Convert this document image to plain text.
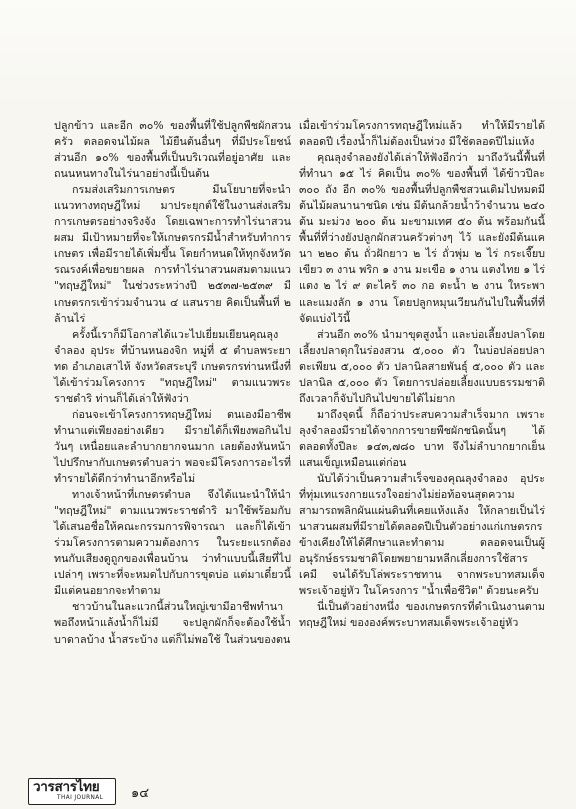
ปลูกข้าว และอีก ๓๐% ของพื้นที่ใช้ปลูกพืชผักสวนครัว ตลอดจนไม้ผล ไม้ยืนต้นอื่นๆ ที่มีประโยชน์ ส่วนอีก ๑๐% ของพื้นที่เป็นบริเวณที่อยู่อาศัย และถนนหนทางในไร่นาอย่างนี้เป็นต้น

กรมส่งเสริมการเกษตร มีนโยบายที่จะนำแนวทางทฤษฎีใหม่ มาประยุกต์ใช้ในงานส่งเสริมการเกษตรอย่างจริงจัง โดยเฉพาะการทำไร่นาสวนผสม มีเป้าหมายที่จะให้เกษตรกรมีน้ำสำหรับทำการเกษตร เพื่อมีรายได้เพิ่มขึ้น โดยกำหนดให้ทุกจังหวัดรณรงค์เพื่อขยายผล การทำไร่นาสวนผสมตามแนว "ทฤษฎีใหม่" ในช่วงระหว่างปี ๒๕๓๗-๒๕๓๙ มีเกษตรกรเข้าร่วมจำนวน ๔ แสนราย คิดเป็นพื้นที่ ๒ ล้านไร่

ครั้งนี้เราก็มีโอกาสได้แวะไปเยี่ยมเยียนคุณลุงจำลอง อุประ ที่บ้านหนองจิก หมู่ที่ ๕ ตำบลพระยาทด อำเภอเสาไห้ จังหวัดสระบุรี เกษตรกรท่านหนึ่งที่ได้เข้าร่วมโครงการ "ทฤษฎีใหม่" ตามแนวพระราชดำริ ท่านก็ได้เล่าให้ฟังว่า

ก่อนจะเข้าโครงการทฤษฎีใหม่ ตนเองมีอาชีพทำนาแต่เพียงอย่างเดียว มีรายได้ก็เพียงพอกินไปวันๆ เหนื่อยและลำบากยากจนมาก เลยต้องหันหน้าไปปรึกษากับเกษตรตำบลว่า พอจะมีโครงการอะไรที่ทำรายได้ดีกว่าทำนาอีกหรือไม่

ทางเจ้าหน้าที่เกษตรตำบล จึงได้แนะนำให้นำ "ทฤษฎีใหม่" ตามแนวพระราชดำริ มาใช้พร้อมกับได้เสนอชื่อให้คณะกรรมการพิจารณา และก็ได้เข้าร่วมโครงการตามความต้องการ ในระยะแรกต้องทนกับเสียงดูถูกของเพื่อนบ้าน ว่าทำแบบนี้เสียที่ไปเปล่าๆ เพราะที่จะหมดไปกับการขุดบ่อ แต่มาเดี๋ยวนี้มีแต่คนอยากจะทำตาม

ชาวบ้านในละแวกนี้ส่วนใหญ่เขามีอาชีพทำนาพอถึงหน้าแล้งน้ำก็ไม่มี จะปลูกผักก็จะต้องใช้น้ำบาดาลบ้าง น้ำสระบ้าง แต่ก็ไม่พอใช้ ในส่วนของตน

เมื่อเข้าร่วมโครงการทฤษฎีใหม่แล้ว ทำให้มีรายได้ตลอดปี เรื่องน้ำก็ไม่ต้องเป็นห่วง มีใช้ตลอดปีไม่แห้ง

คุณลุงจำลองยังได้เล่าให้ฟังอีกว่า มาถึงวันนี้พื้นที่ที่ทำนา ๑๕ ไร่ คิดเป็น ๓๐% ของพื้นที่ ได้ข้าวปีละ ๓๐๐ ถัง อีก ๓๐% ของพื้นที่ปลูกพืชสวนเดิมไปหมดมีต้นไม้ผลนานาชนิด เช่น มีต้นกล้วยน้ำว้าจำนวน ๒๔๐ ต้น มะม่วง ๒๐๐ ต้น มะขามเทศ ๕๐ ต้น พร้อมกันนี้พื้นที่ที่ว่างยังปลูกผักสวนครัวต่างๆ ไว้ และยังมีต้นแคนา ๒๒๐ ต้น ถั่วฝักยาว ๒ ไร่ ถั่วพุ่ม ๒ ไร่ กระเจี๊ยบเขียว ๓ งาน พริก ๑ งาน มะเขือ ๑ งาน แตงไทย ๑ ไร่ แตง ๒ ไร่ ๙ ตะไคร้ ๓๐ กอ ตะน้ำ ๒ งาน ใหระพาและแมงลัก ๑ งาน โดยปลูกหมุนเวียนกันไปในพื้นที่ที่จัดแบ่งไว้นี้

ส่วนอีก ๓๐% นำมาขุดสูงน้ำ และบ่อเลี้ยงปลาโดยเลี้ยงปลาดุกในร่องสวน ๕,๐๐๐ ตัว ในบ่อปล่อยปลาตะเพียน ๕,๐๐๐ ตัว ปลานิลสายพันธุ์ ๕,๐๐๐ ตัว และปลานิล ๕,๐๐๐ ตัว โดยการปล่อยเลี้ยงแบบธรรมชาติถึงเวลาก็จับไปกินไปขายได้ไม่ยาก

มาถึงจุดนี้ ก็ถือว่าประสบความสำเร็จมาก เพราะลุงจำลองมีรายได้จากการขายพืชผักชนิดนั้นๆ ได้ตลอดทั้งปีละ ๑๔๓,๗๘๐ บาท จึงไม่ลำบากยากเย็นแสนเข็ญเหมือนแต่ก่อน

นับได้ว่าเป็นความสำเร็จของคุณลุงจำลอง อุประ ที่ทุ่มเทแรงกายแรงใจอย่างไม่ย่อท้อจนสุดความสามารถพลิกผันแผ่นดินที่เคยแห้งแล้ง ให้กลายเป็นไร่นาสวนผสมที่มีรายได้ตลอดปีเป็นตัวอย่างแก่เกษตรกรข้างเคียงให้ได้ศึกษาและทำตาม ตลอดจนเป็นผู้อนุรักษ์ธรรมชาติโดยพยายามหลีกเลี่ยงการใช้สารเคมี จนได้รับโล่พระราชทาน จากพระบาทสมเด็จพระเจ้าอยู่หัว ในโครงการ "น้ำเพื่อชีวิต" ด้วยนะครับ

นี่เป็นตัวอย่างหนึ่ง ของเกษตรกรที่ดำเนินงานตามทฤษฎีใหม่ ขององค์พระบาทสมเด็จพระเจ้าอยู่หัว

วารสารไทย
THAI JOURNAL ๑๔
